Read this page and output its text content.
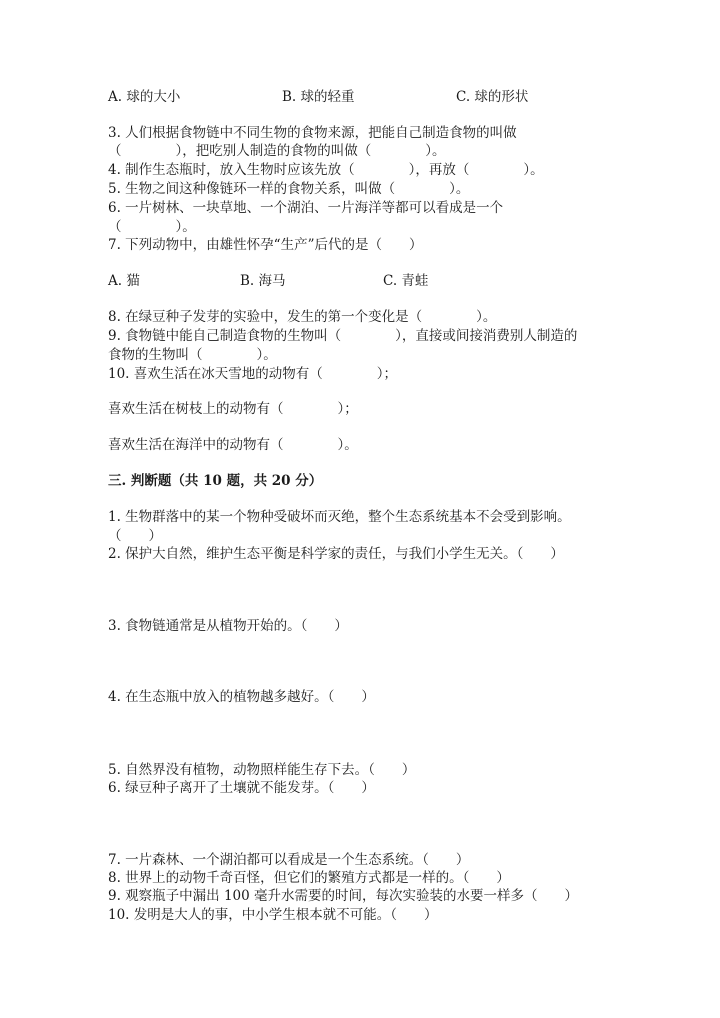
A. 球的大小	B. 球的轻重	C. 球的形状
3. 人们根据食物链中不同生物的食物来源，把能自己制造食物的叫做
（　　　　），把吃别人制造的食物的叫做（　　　　）。
4. 制作生态瓶时，放入生物时应该先放（　　　　），再放（　　　　）。
5. 生物之间这种像链环一样的食物关系，叫做（　　　　）。
6. 一片树林、一块草地、一个湖泊、一片海洋等都可以看成是一个
（　　　　）。
7. 下列动物中，由雄性怀孕“生产”后代的是（　　）
A. 猫	B. 海马	C. 青蛙
8. 在绿豆种子发芽的实验中，发生的第一个变化是（　　　　）。
9. 食物链中能自己制造食物的生物叫（　　　　），直接或间接消费别人制造的
食物的生物叫（　　　　）。
10. 喜欢生活在冰天雪地的动物有（　　　　）；
喜欢生活在树枝上的动物有（　　　　）；
喜欢生活在海洋中的动物有（　　　　）。
三. 判断题（共 10 题，共 20 分）
1. 生物群落中的某一个物种受破坏而灭绝，整个生态系统基本不会受到影响。
（　　）
2. 保护大自然，维护生态平衡是科学家的责任，与我们小学生无关。（　　）
3. 食物链通常是从植物开始的。（　　）
4. 在生态瓶中放入的植物越多越好。（　　）
5. 自然界没有植物，动物照样能生存下去。（　　）
6. 绿豆种子离开了土壤就不能发芽。（　　）
7. 一片森林、一个湖泊都可以看成是一个生态系统。（　　）
8. 世界上的动物千奇百怪，但它们的繁殖方式都是一样的。（　　）
9. 观察瓶子中漏出 100 毫升水需要的时间，每次实验装的水要一样多（　　）
10. 发明是大人的事，中小学生根本就不可能。（　　）
